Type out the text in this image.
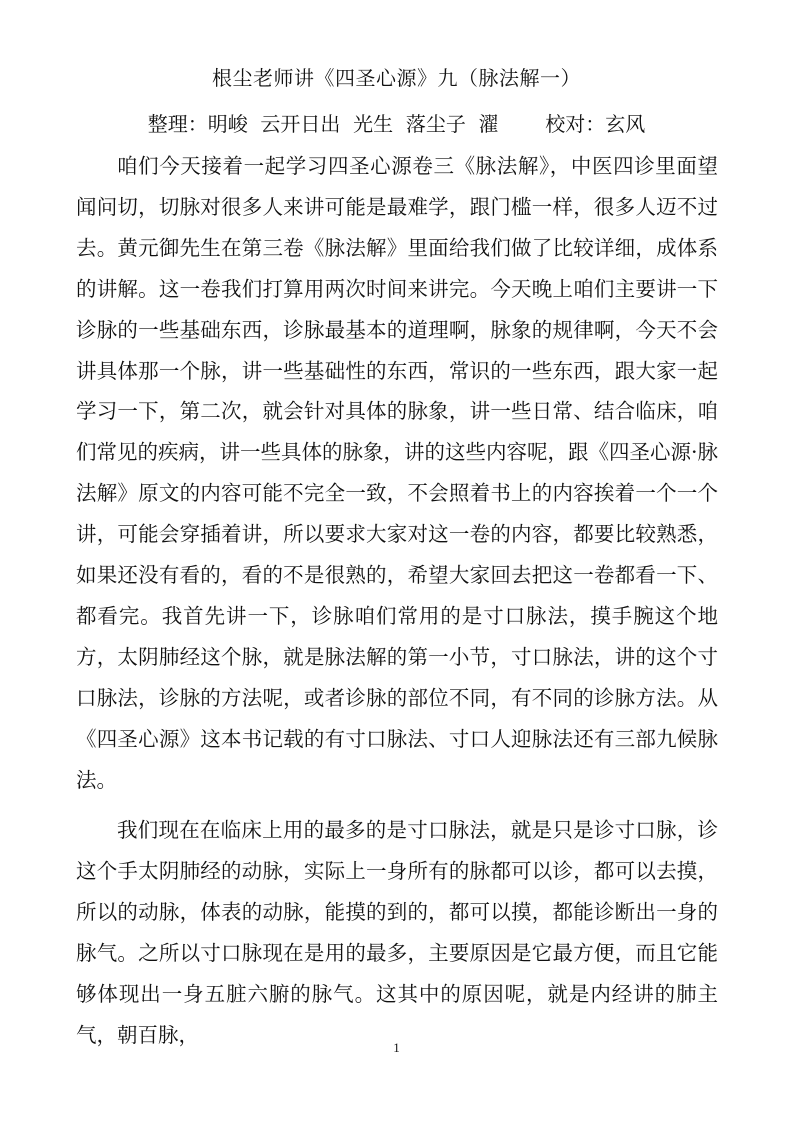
根尘老师讲《四圣心源》九（脉法解一）
整理：明峻  云开日出  光生  落尘子  濯 校对：玄风

咱们今天接着一起学习四圣心源卷三《脉法解》，中医四诊里面望闻问切，切脉对很多人来讲可能是最难学，跟门槛一样，很多人迈不过去。黄元御先生在第三卷《脉法解》里面给我们做了比较详细，成体系的讲解。这一卷我们打算用两次时间来讲完。今天晚上咱们主要讲一下诊脉的一些基础东西，诊脉最基本的道理啊，脉象的规律啊，今天不会讲具体那一个脉，讲一些基础性的东西，常识的一些东西，跟大家一起学习一下，第二次，就会针对具体的脉象，讲一些日常、结合临床，咱们常见的疾病，讲一些具体的脉象，讲的这些内容呢，跟《四圣心源·脉法解》原文的内容可能不完全一致，不会照着书上的内容挨着一个一个讲，可能会穿插着讲，所以要求大家对这一卷的内容，都要比较熟悉，如果还没有看的，看的不是很熟的，希望大家回去把这一卷都看一下、都看完。我首先讲一下，诊脉咱们常用的是寸口脉法，摸手腕这个地方，太阴肺经这个脉，就是脉法解的第一小节，寸口脉法，讲的这个寸口脉法，诊脉的方法呢，或者诊脉的部位不同，有不同的诊脉方法。从《四圣心源》这本书记载的有寸口脉法、寸口人迎脉法还有三部九候脉法。

我们现在在临床上用的最多的是寸口脉法，就是只是诊寸口脉，诊这个手太阴肺经的动脉，实际上一身所有的脉都可以诊，都可以去摸，所以的动脉，体表的动脉，能摸的到的，都可以摸，都能诊断出一身的脉气。之所以寸口脉现在是用的最多，主要原因是它最方便，而且它能够体现出一身五脏六腑的脉气。这其中的原因呢，就是内经讲的肺主气，朝百脉，

1
